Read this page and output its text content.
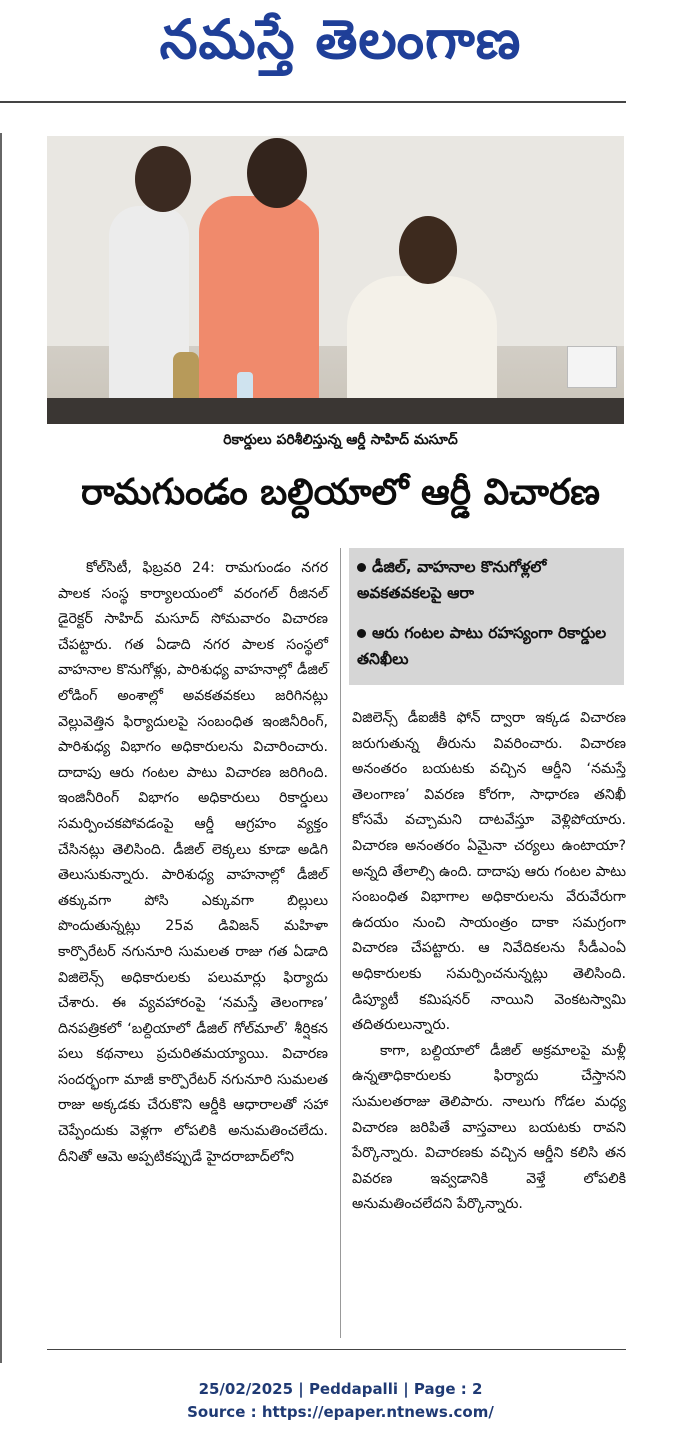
నమస్తే తెలంగాణ
రికార్డులు పరిశీలిస్తున్న ఆర్డీ సాహిద్ మసూద్
రామగుండం బల్దియాలో ఆర్డీ విచారణ

కోల్‌సిటీ, ఫిబ్రవరి 24: రామగుండం నగర పాలక సంస్థ కార్యాలయంలో వరంగల్ రీజినల్ డైరెక్టర్ సాహిద్ మసూద్ సోమవారం విచారణ చేపట్టారు. గత ఏడాది నగర పాలక సంస్థలో వాహనాల కొనుగోళ్లు, పారిశుధ్య వాహనాల్లో డీజిల్ లోడింగ్ అంశాల్లో అవకతవకలు జరిగినట్లు వెల్లువెత్తిన ఫిర్యాదులపై సంబంధిత ఇంజినీరింగ్, పారిశుధ్య విభాగం అధికారులను విచారించారు. దాదాపు ఆరు గంటల పాటు విచారణ జరిగింది. ఇంజినీరింగ్ విభాగం అధికారులు రికార్డులు సమర్పించకపోవడంపై ఆర్డీ ఆగ్రహం వ్యక్తం చేసినట్లు తెలిసింది. డీజిల్ లెక్కలు కూడా అడిగి తెలుసుకున్నారు. పారిశుధ్య వాహనాల్లో డీజిల్ తక్కువగా పోసి ఎక్కువగా బిల్లులు పొందుతున్నట్లు 25వ డివిజన్ మహిళా కార్పొరేటర్ నగునూరి సుమలత రాజు గత ఏడాది విజిలెన్స్ అధికారులకు పలుమార్లు ఫిర్యాదు చేశారు. ఈ వ్యవహారంపై ‘నమస్తే తెలంగాణ’ దినపత్రికలో ‘బల్దియాలో డీజిల్ గోల్‌మాల్’ శీర్షికన పలు కథనాలు ప్రచురితమయ్యాయి. విచారణ సందర్భంగా మాజీ కార్పొరేటర్ నగునూరి సుమలత రాజు అక్కడకు చేరుకొని ఆర్డీకి ఆధారాలతో సహా చెప్పేందుకు వెళ్లగా లోపలికి అనుమతించలేదు. దీనితో ఆమె అప్పటికప్పుడే హైదరాబాద్‌లోని

డీజిల్, వాహనాల కొనుగోళ్లలో అవకతవకలపై ఆరా
ఆరు గంటల పాటు రహస్యంగా రికార్డుల తనిఖీలు

విజిలెన్స్ డీఐజీకి ఫోన్ ద్వారా ఇక్కడ విచారణ జరుగుతున్న తీరును వివరించారు. విచారణ అనంతరం బయటకు వచ్చిన ఆర్డీని ‘నమస్తే తెలంగాణ’ వివరణ కోరగా, సాధారణ తనిఖీ కోసమే వచ్చామని దాటవేస్తూ వెళ్లిపోయారు. విచారణ అనంతరం ఏమైనా చర్యలు ఉంటాయా? అన్నది తేలాల్సి ఉంది. దాదాపు ఆరు గంటల పాటు సంబంధిత విభాగాల అధికారులను వేరువేరుగా ఉదయం నుంచి సాయంత్రం దాకా సమగ్రంగా విచారణ చేపట్టారు. ఆ నివేదికలను సీడీఎంఏ అధికారులకు సమర్పించనున్నట్లు తెలిసింది. డిప్యూటీ కమిషనర్ నాయిని వెంకటస్వామి తదితరులున్నారు.

కాగా, బల్దియాలో డీజిల్ అక్రమాలపై మళ్లీ ఉన్నతాధికారులకు ఫిర్యాదు చేస్తానని సుమలతరాజు తెలిపారు. నాలుగు గోడల మధ్య విచారణ జరిపితే వాస్తవాలు బయటకు రావని పేర్కొన్నారు. విచారణకు వచ్చిన ఆర్డీని కలిసి తన వివరణ ఇవ్వడానికి వెళ్తే లోపలికి అనుమతించలేదని పేర్కొన్నారు.

25/02/2025 | Peddapalli | Page : 2
Source : https://epaper.ntnews.com/
